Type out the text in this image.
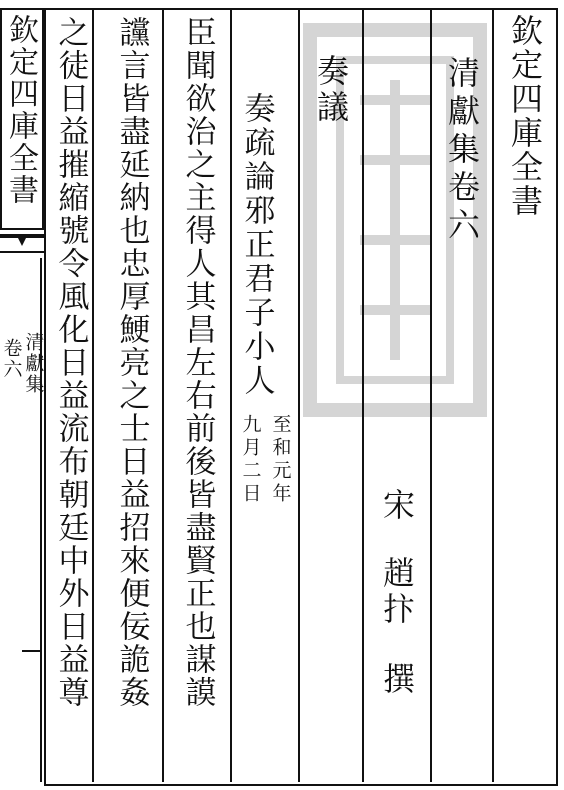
欽定四庫全書
清獻集卷六
宋
趙抃
撰
奏議
奏疏論邪正君子小人
至和元年
九月二日
臣聞欲治之主得人其昌左右前後皆盡賢正也謀謨
讜言皆盡延納也忠厚鯁亮之士日益招來便佞詭姦
之徒日益摧縮號令風化日益流布朝廷中外日益尊
欽定四庫全書
清獻集
卷六
